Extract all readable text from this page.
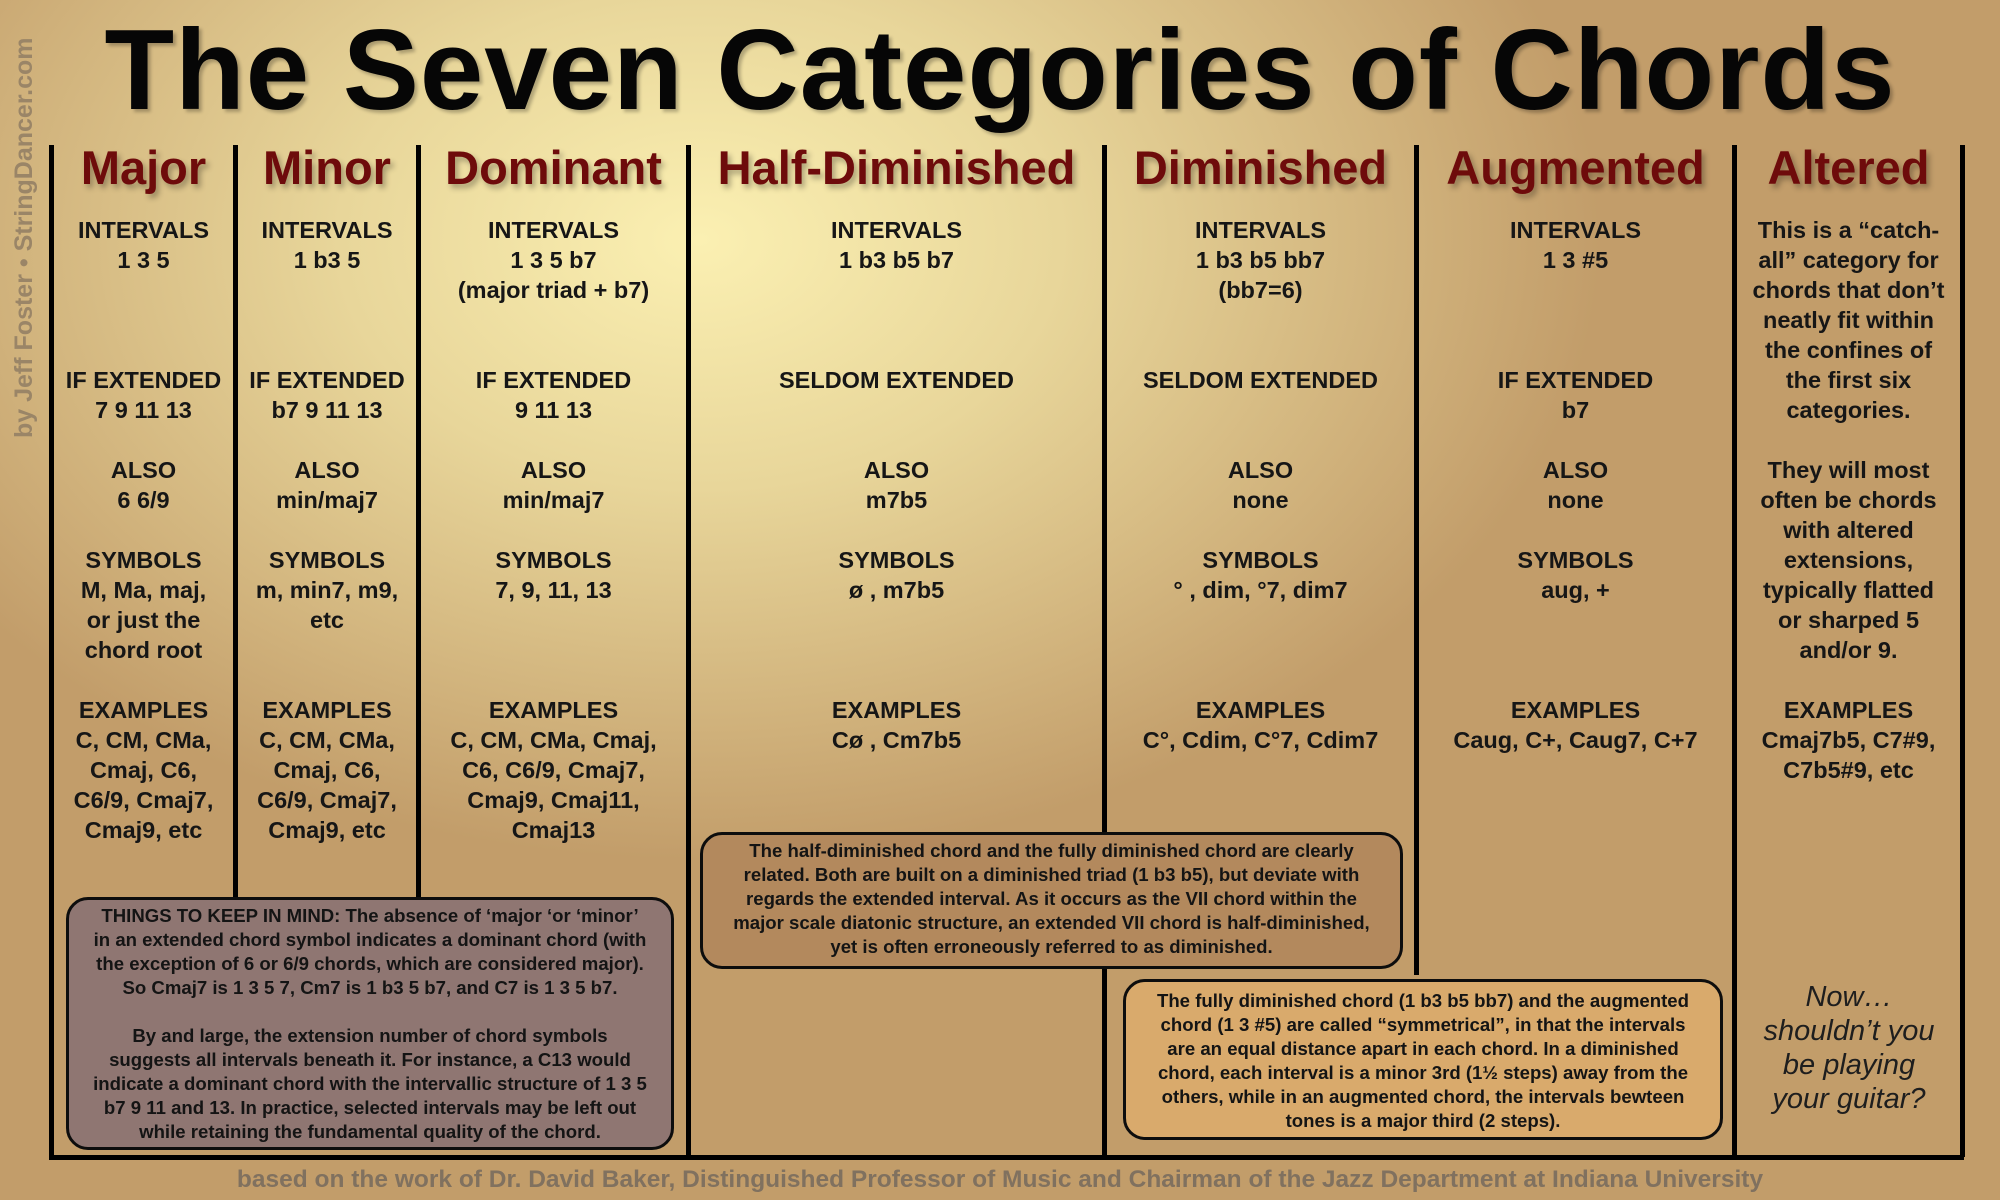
by Jeff Foster • StringDancer.com The Seven Categories of Chords
Major
INTERVALS
1 3 5

IF EXTENDED
7 9 11 13

ALSO
6 6/9

SYMBOLS
M, Ma, maj,
or just the
chord root

EXAMPLES
C, CM, CMa,
Cmaj, C6,
C6/9, Cmaj7,
Cmaj9, etc
Minor
INTERVALS
1 b3 5

IF EXTENDED
b7 9 11 13

ALSO
min/maj7

SYMBOLS
m, min7, m9,
etc

EXAMPLES
C, CM, CMa,
Cmaj, C6,
C6/9, Cmaj7,
Cmaj9, etc
Dominant
INTERVALS
1 3 5 b7
(major triad + b7)

IF EXTENDED
9 11 13

ALSO
min/maj7

SYMBOLS
7, 9, 11, 13

EXAMPLES
C, CM, CMa, Cmaj,
C6, C6/9, Cmaj7,
Cmaj9, Cmaj11,
Cmaj13
Half-Diminished
INTERVALS
1 b3 b5 b7

SELDOM EXTENDED

ALSO
m7b5

SYMBOLS
ø , m7b5

EXAMPLES
Cø , Cm7b5
Diminished
INTERVALS
1 b3 b5 bb7
(bb7=6)

SELDOM EXTENDED

ALSO
none

SYMBOLS
° , dim, °7, dim7

EXAMPLES
C°, Cdim, C°7, Cdim7
Augmented
INTERVALS
1 3 #5

IF EXTENDED
b7

ALSO
none

SYMBOLS
aug, +

EXAMPLES
Caug, C+, Caug7, C+7
Altered
This is a “catch-
all” category for
chords that don’t
neatly fit within
the confines of
the first six
categories.

They will most
often be chords
with altered
extensions,
typically flatted
or sharped 5
and/or 9.

EXAMPLES
Cmaj7b5, C7#9,
C7b5#9, etc
THINGS TO KEEP IN MIND: The absence of ‘major ‘or ‘minor’
in an extended chord symbol indicates a dominant chord (with
the exception of 6 or 6/9 chords, which are considered major).
So Cmaj7 is 1 3 5 7, Cm7 is 1 b3 5 b7, and C7 is 1 3 5 b7.

By and large, the extension number of chord symbols
suggests all intervals beneath it. For instance, a C13 would
indicate a dominant chord with the intervallic structure of 1 3 5
b7 9 11 and 13. In practice, selected intervals may be left out
while retaining the fundamental quality of the chord.
The half-diminished chord and the fully diminished chord are clearly
related. Both are built on a diminished triad (1 b3 b5), but deviate with
regards the extended interval. As it occurs as the VII chord within the
major scale diatonic structure, an extended VII chord is half-diminished,
yet is often erroneously referred to as diminished.
The fully diminished chord (1 b3 b5 bb7) and the augmented
chord (1 3 #5) are called “symmetrical”, in that the intervals
are an equal distance apart in each chord. In a diminished
chord, each interval is a minor 3rd (1½ steps) away from the
others, while in an augmented chord, the intervals bewteen
tones is a major third (2 steps).
Now…
shouldn’t you
be playing
your guitar?
based on the work of Dr. David Baker, Distinguished Professor of Music and Chairman of the Jazz Department at Indiana University
